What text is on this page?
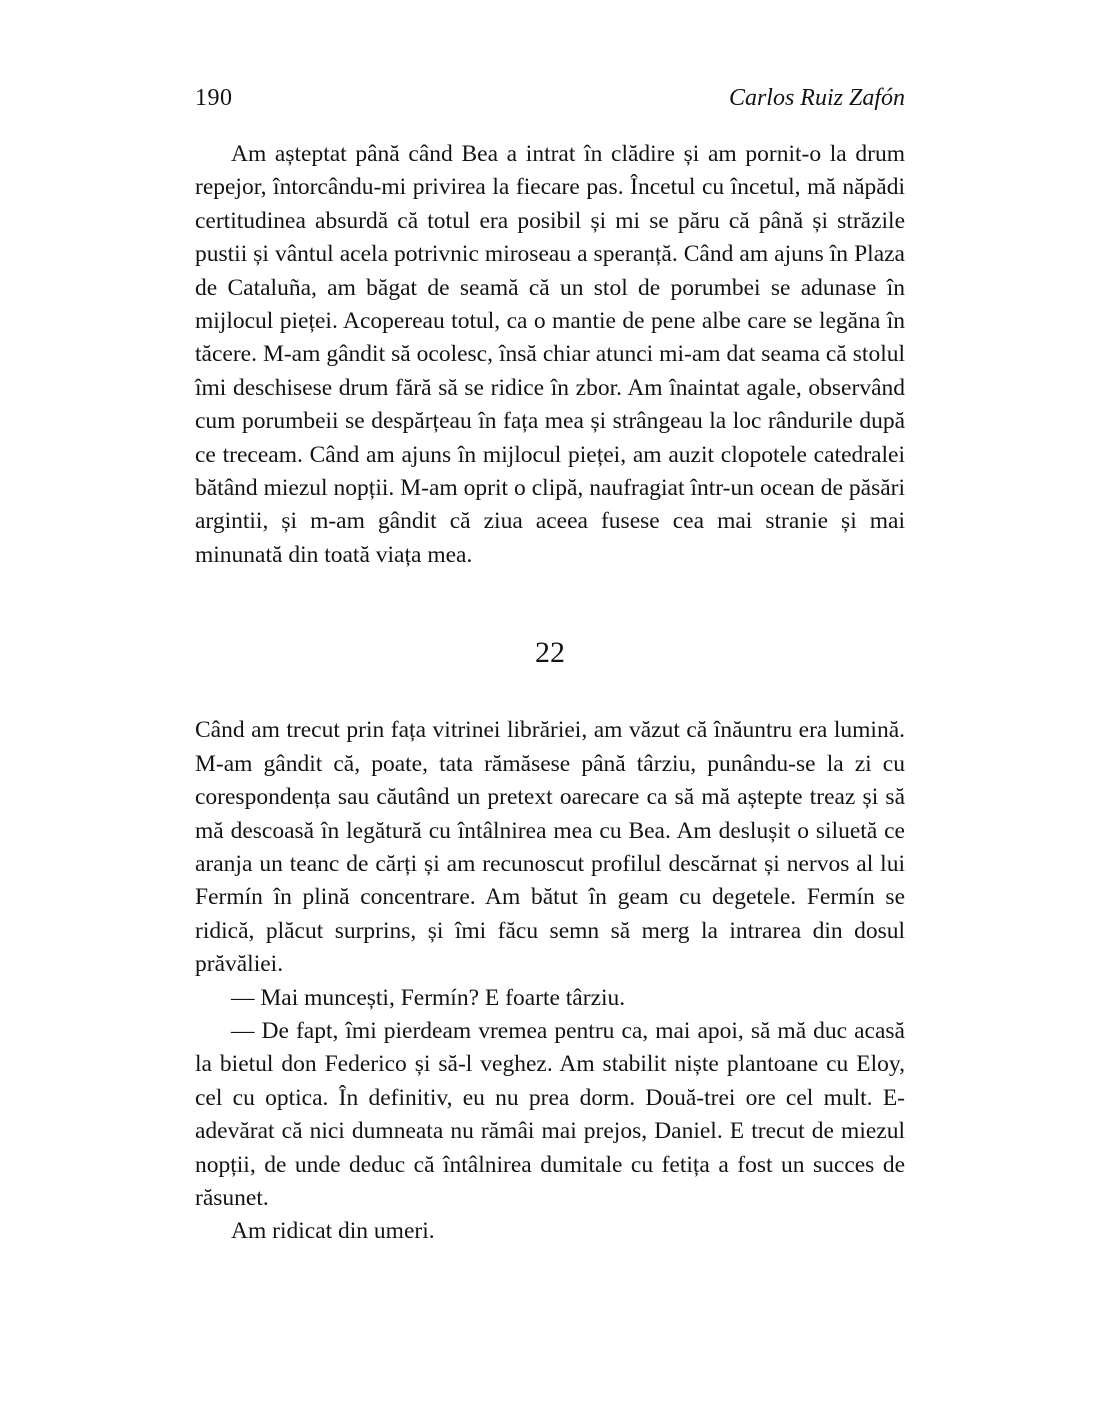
190	Carlos Ruiz Zafón

Am așteptat până când Bea a intrat în clădire și am pornit-o la drum repejor, întorcându-mi privirea la fiecare pas. Încetul cu încetul, mă năpădi certitudinea absurdă că totul era posibil și mi se păru că până și străzile pustii și vântul acela potrivnic miroseau a speranță. Când am ajuns în Plaza de Cataluña, am băgat de seamă că un stol de porumbei se adunase în mijlocul pieței. Acopereau totul, ca o mantie de pene albe care se legăna în tăcere. M-am gândit să ocolesc, însă chiar atunci mi-am dat seama că stolul îmi deschisese drum fără să se ridice în zbor. Am înaintat agale, observând cum porumbeii se despărțeau în fața mea și strângeau la loc rândurile după ce treceam. Când am ajuns în mijlocul pieței, am auzit clopotele catedralei bătând miezul nopții. M-am oprit o clipă, naufragiat într-un ocean de păsări argintii, și m-am gândit că ziua aceea fusese cea mai stranie și mai minunată din toată viața mea.

22

Când am trecut prin fața vitrinei librăriei, am văzut că înăuntru era lumină. M-am gândit că, poate, tata rămăsese până târziu, punându-se la zi cu corespondența sau căutând un pretext oarecare ca să mă aștepte treaz și să mă descoasă în legătură cu întâlnirea mea cu Bea. Am deslușit o siluetă ce aranja un teanc de cărți și am recunoscut profilul descărnat și nervos al lui Fermín în plină concentrare. Am bătut în geam cu degetele. Fermín se ridică, plăcut surprins, și îmi făcu semn să merg la intrarea din dosul prăvăliei.

— Mai muncești, Fermín? E foarte târziu.

— De fapt, îmi pierdeam vremea pentru ca, mai apoi, să mă duc acasă la bietul don Federico și să-l veghez. Am stabilit niște plantoane cu Eloy, cel cu optica. În definitiv, eu nu prea dorm. Două-trei ore cel mult. E-adevărat că nici dumneata nu rămâi mai prejos, Daniel. E trecut de miezul nopții, de unde deduc că întâlnirea dumitale cu fetița a fost un succes de răsunet.

Am ridicat din umeri.
